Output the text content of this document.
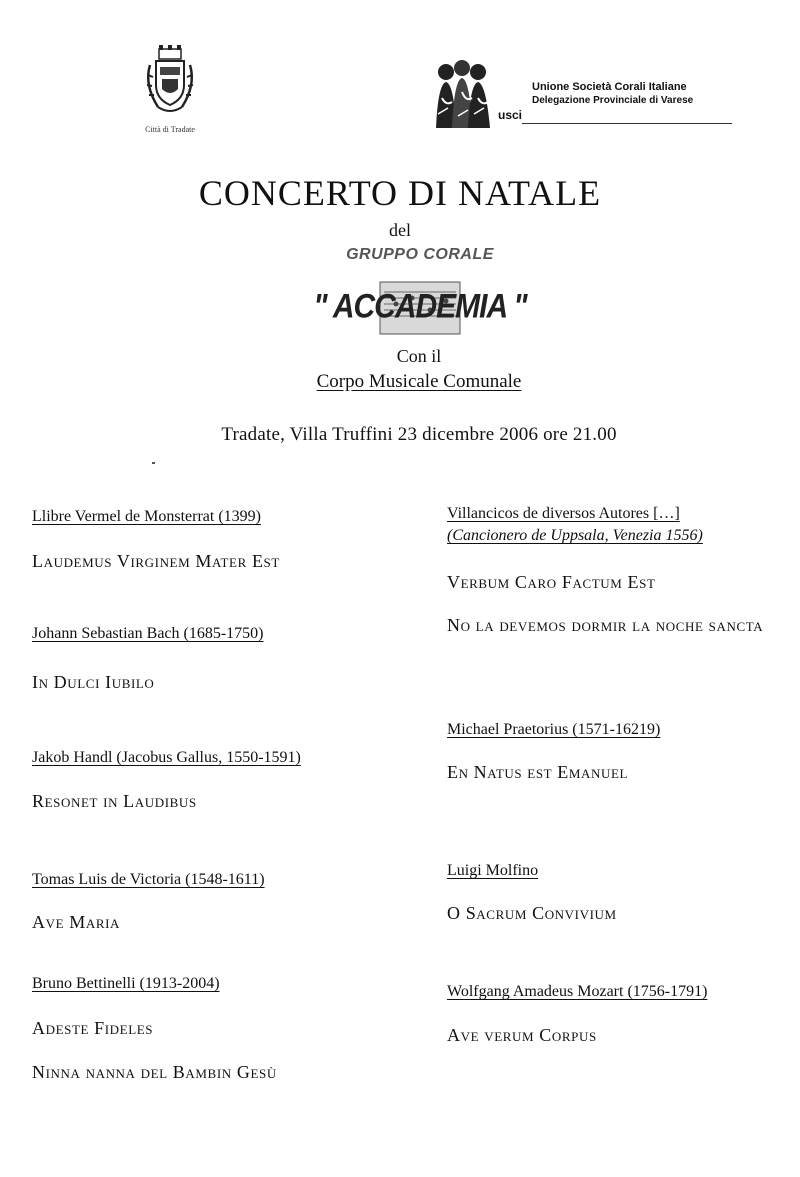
Città di Tradate
usci
Unione Società Corali Italiane
Delegazione Provinciale di Varese
CONCERTO DI NATALE
del
GRUPPO CORALE
" ACCADEMIA "
Con il
Corpo Musicale Comunale
Tradate, Villa Truffini 23 dicembre 2006 ore 21.00
Llibre Vermel de Monsterrat (1399)
Laudemus Virginem Mater Est
Johann Sebastian Bach (1685-1750)
In Dulci Iubilo
Jakob Handl (Jacobus Gallus, 1550-1591)
Resonet in Laudibus
Tomas Luis de Victoria (1548-1611)
Ave Maria
Bruno Bettinelli (1913-2004)
Adeste Fideles
Ninna nanna del Bambin Gesù
Villancicos de diversos Autores […]
(Cancionero de Uppsala, Venezia 1556)
Verbum Caro Factum Est
No la devemos dormir la noche sancta
Michael Praetorius (1571-16219)
En Natus est Emanuel
Luigi Molfino
O Sacrum Convivium
Wolfgang Amadeus Mozart (1756-1791)
Ave verum Corpus
